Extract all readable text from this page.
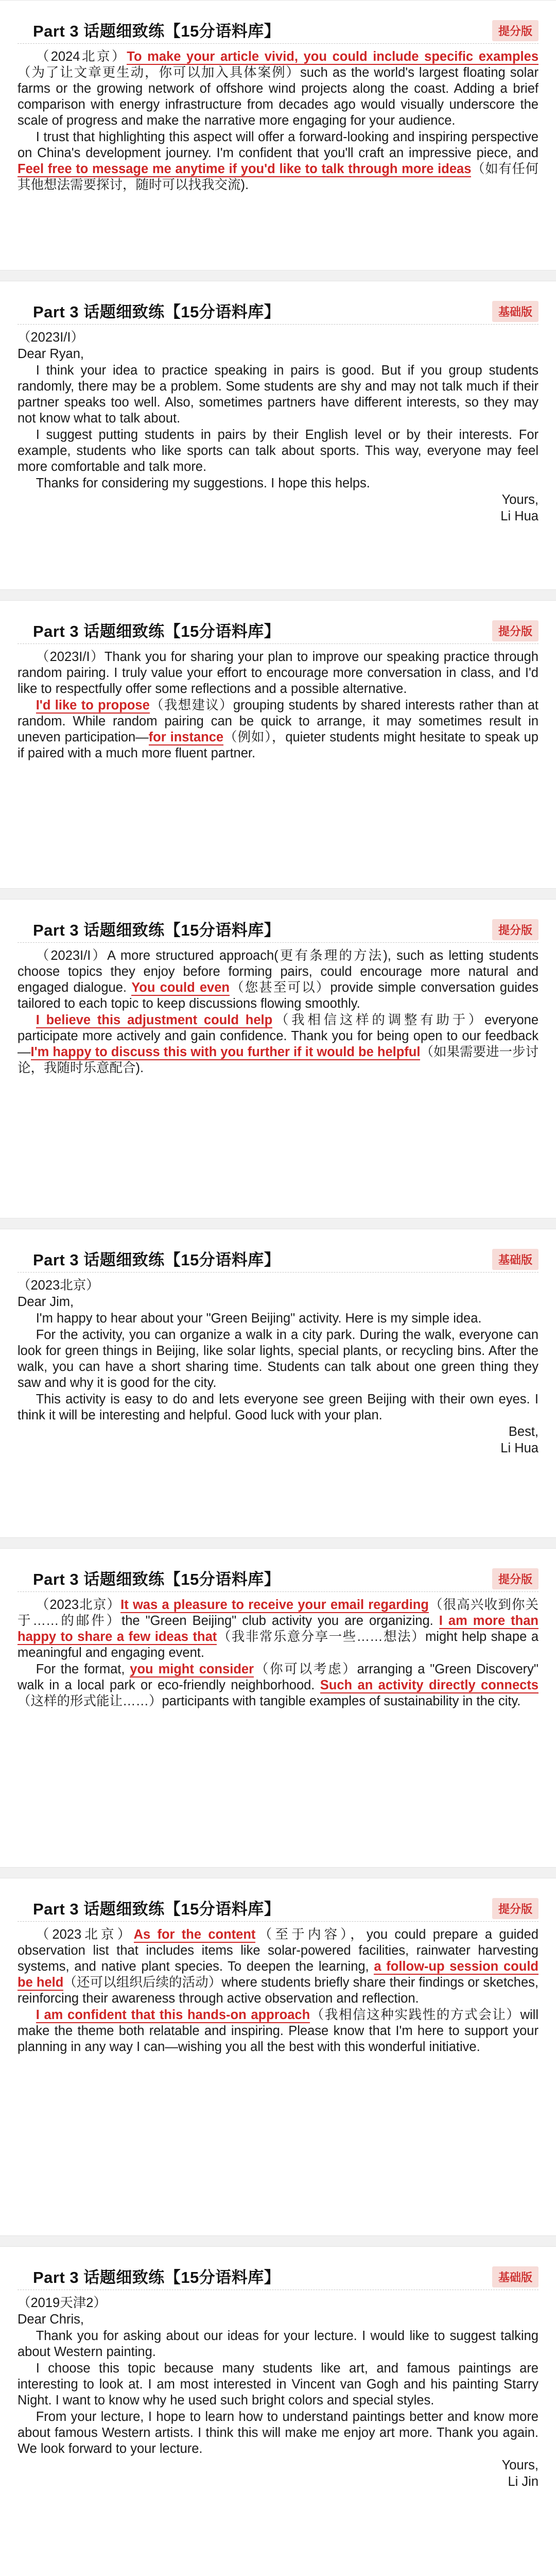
Part 3 话题细致练【15分语料库】	提分版

（2024北京）To make your article vivid, you could include specific examples（为了让文章更生动，你可以加入具体案例）such as the world's largest floating solar farms or the growing network of offshore wind projects along the coast. Adding a brief comparison with energy infrastructure from decades ago would visually underscore the scale of progress and make the narrative more engaging for your audience.

I trust that highlighting this aspect will offer a forward-looking and inspiring perspective on China's development journey. I'm confident that you'll craft an impressive piece, and Feel free to message me anytime if you'd like to talk through more ideas（如有任何其他想法需要探讨，随时可以找我交流).

Part 3 话题细致练【15分语料库】	基础版

（2023I/I）

Dear Ryan,

I think your idea to practice speaking in pairs is good. But if you group students randomly, there may be a problem. Some students are shy and may not talk much if their partner speaks too well. Also, sometimes partners have different interests, so they may not know what to talk about.

I suggest putting students in pairs by their English level or by their interests. For example, students who like sports can talk about sports. This way, everyone may feel more comfortable and talk more.

Thanks for considering my suggestions. I hope this helps.

Yours,

Li Hua

Part 3 话题细致练【15分语料库】	提分版

（2023I/I）Thank you for sharing your plan to improve our speaking practice through random pairing. I truly value your effort to encourage more conversation in class, and I'd like to respectfully offer some reflections and a possible alternative.

I'd like to propose（我想建议）grouping students by shared interests rather than at random. While random pairing can be quick to arrange, it may sometimes result in uneven participation—for instance（例如），quieter students might hesitate to speak up if paired with a much more fluent partner.

Part 3 话题细致练【15分语料库】	提分版

（2023I/I）A more structured approach(更有条理的方法), such as letting students choose topics they enjoy before forming pairs, could encourage more natural and engaged dialogue. You could even（您甚至可以）provide simple conversation guides tailored to each topic to keep discussions flowing smoothly.

I believe this adjustment could help（我相信这样的调整有助于）everyone participate more actively and gain confidence. Thank you for being open to our feedback—I'm happy to discuss this with you further if it would be helpful（如果需要进一步讨论，我随时乐意配合).

Part 3 话题细致练【15分语料库】	基础版

（2023北京）

Dear Jim,

I'm happy to hear about your "Green Beijing" activity. Here is my simple idea.

For the activity, you can organize a walk in a city park. During the walk, everyone can look for green things in Beijing, like solar lights, special plants, or recycling bins. After the walk, you can have a short sharing time. Students can talk about one green thing they saw and why it is good for the city.

This activity is easy to do and lets everyone see green Beijing with their own eyes. I think it will be interesting and helpful. Good luck with your plan.

Best,

Li Hua

Part 3 话题细致练【15分语料库】	提分版

（2023北京）It was a pleasure to receive your email regarding（很高兴收到你关于……的邮件）the "Green Beijing" club activity you are organizing. I am more than happy to share a few ideas that（我非常乐意分享一些……想法）might help shape a meaningful and engaging event.

For the format, you might consider（你可以考虑）arranging a "Green Discovery" walk in a local park or eco-friendly neighborhood. Such an activity directly connects（这样的形式能让……）participants with tangible examples of sustainability in the city.

Part 3 话题细致练【15分语料库】	提分版

（2023北京）As for the content（至于内容），you could prepare a guided observation list that includes items like solar-powered facilities, rainwater harvesting systems, and native plant species. To deepen the learning, a follow-up session could be held（还可以组织后续的活动）where students briefly share their findings or sketches, reinforcing their awareness through active observation and reflection.

I am confident that this hands-on approach（我相信这种实践性的方式会让）will make the theme both relatable and inspiring. Please know that I'm here to support your planning in any way I can—wishing you all the best with this wonderful initiative.

Part 3 话题细致练【15分语料库】	基础版

（2019天津2）

Dear Chris,

Thank you for asking about our ideas for your lecture. I would like to suggest talking about Western painting.

I choose this topic because many students like art, and famous paintings are interesting to look at. I am most interested in Vincent van Gogh and his painting Starry Night. I want to know why he used such bright colors and special styles.

From your lecture, I hope to learn how to understand paintings better and know more about famous Western artists. I think this will make me enjoy art more. Thank you again. We look forward to your lecture.

Yours,

Li Jin
